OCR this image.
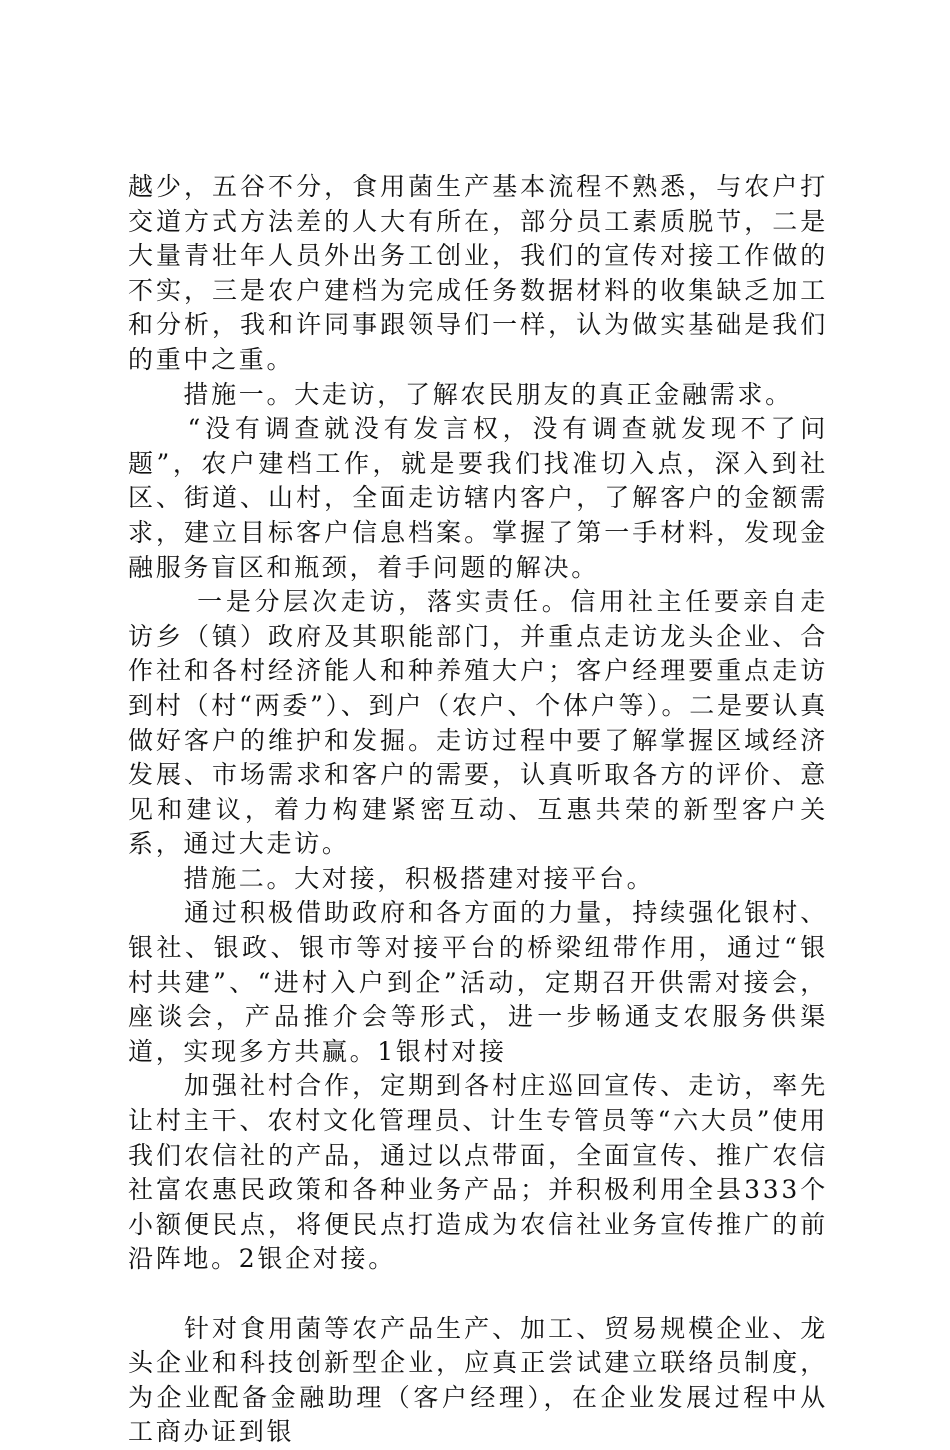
越少，五谷不分，食用菌生产基本流程不熟悉，与农户打交道方式方法差的人大有所在，部分员工素质脱节，二是大量青壮年人员外出务工创业，我们的宣传对接工作做的不实，三是农户建档为完成任务数据材料的收集缺乏加工和分析，我和许同事跟领导们一样，认为做实基础是我们的重中之重。

　　措施一。大走访，了解农民朋友的真正金融需求。

　　“没有调查就没有发言权，没有调查就发现不了问题”，农户建档工作，就是要我们找准切入点，深入到社区、街道、山村，全面走访辖内客户，了解客户的金额需求，建立目标客户信息档案。掌握了第一手材料，发现金融服务盲区和瓶颈，着手问题的解决。

　　 一是分层次走访，落实责任。信用社主任要亲自走访乡（镇）政府及其职能部门，并重点走访龙头企业、合作社和各村经济能人和种养殖大户；客户经理要重点走访到村（村“两委”）、到户（农户、个体户等）。二是要认真做好客户的维护和发掘。走访过程中要了解掌握区域经济发展、市场需求和客户的需要，认真听取各方的评价、意见和建议，着力构建紧密互动、互惠共荣的新型客户关系，通过大走访。

　　措施二。大对接，积极搭建对接平台。

　　通过积极借助政府和各方面的力量，持续强化银村、银社、银政、银市等对接平台的桥梁纽带作用，通过“银村共建”、“进村入户到企”活动，定期召开供需对接会，座谈会，产品推介会等形式，进一步畅通支农服务供渠道，实现多方共赢。1银村对接

　　加强社村合作，定期到各村庄巡回宣传、走访，率先让村主干、农村文化管理员、计生专管员等“六大员”使用我们农信社的产品，通过以点带面，全面宣传、推广农信社富农惠民政策和各种业务产品；并积极利用全县333个小额便民点，将便民点打造成为农信社业务宣传推广的前沿阵地。2银企对接。

　　针对食用菌等农产品生产、加工、贸易规模企业、龙头企业和科技创新型企业，应真正尝试建立联络员制度，为企业配备金融助理（客户经理），在企业发展过程中从工商办证到银
